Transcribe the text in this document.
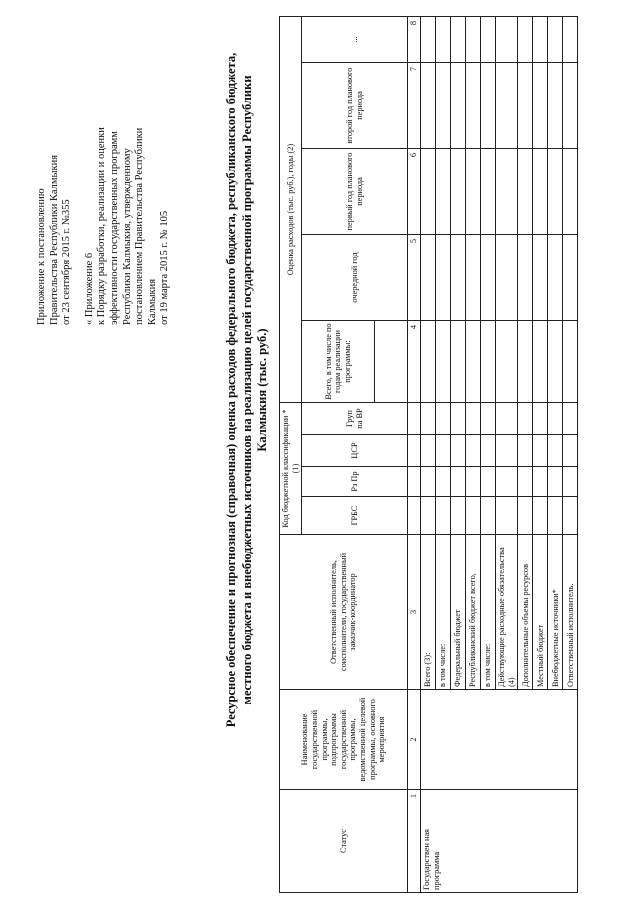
Приложение к постановлению Правительства Республики Калмыкия от 23 сентября 2015 г. №355 « Приложение 6 к Порядку разработки, реализации и оценки эффективности государственных программ Республики Калмыкия, утвержденному постановлением Правительства Республики Калмыкия от 19 марта 2015 г. № 105	Ресурсное обеспечение и прогнозная (справочная) оценка расходов федерального бюджета, республиканского бюджета, местного бюджета и внебюджетных источников на реализацию целей государственной программы Республики Калмыкия (тыс. руб.)
Статус	Наименование государственной программы, подпрограммы государственной программы, ведомственной целевой программы, основного мероприятия	Ответственный исполнитель, соисполнители, государственный заказчик-координатор	Код бюджетной классификации *(1)				Оценка расходов (тыс. руб.), годы (2)				
			ГРБС	Рз Пр	ЦСР	Груп па ВР	Всего, в том числе по годам реализации программы:	очередной год	первый год планового периода	второй год планового периода	...

1	2	3					4	5	6	7	8
Государствен ная программа		Всего (3):									
		в том числе:									
		Федеральный бюджет									
		Республиканский бюджет всего,									
		в том числе:									
		Действующие расходные обязательства (4)									
		Дополнительные объемы ресурсов									
		Местный бюджет									
		Внебюджетные источники*									
		Ответственный исполнитель.									
